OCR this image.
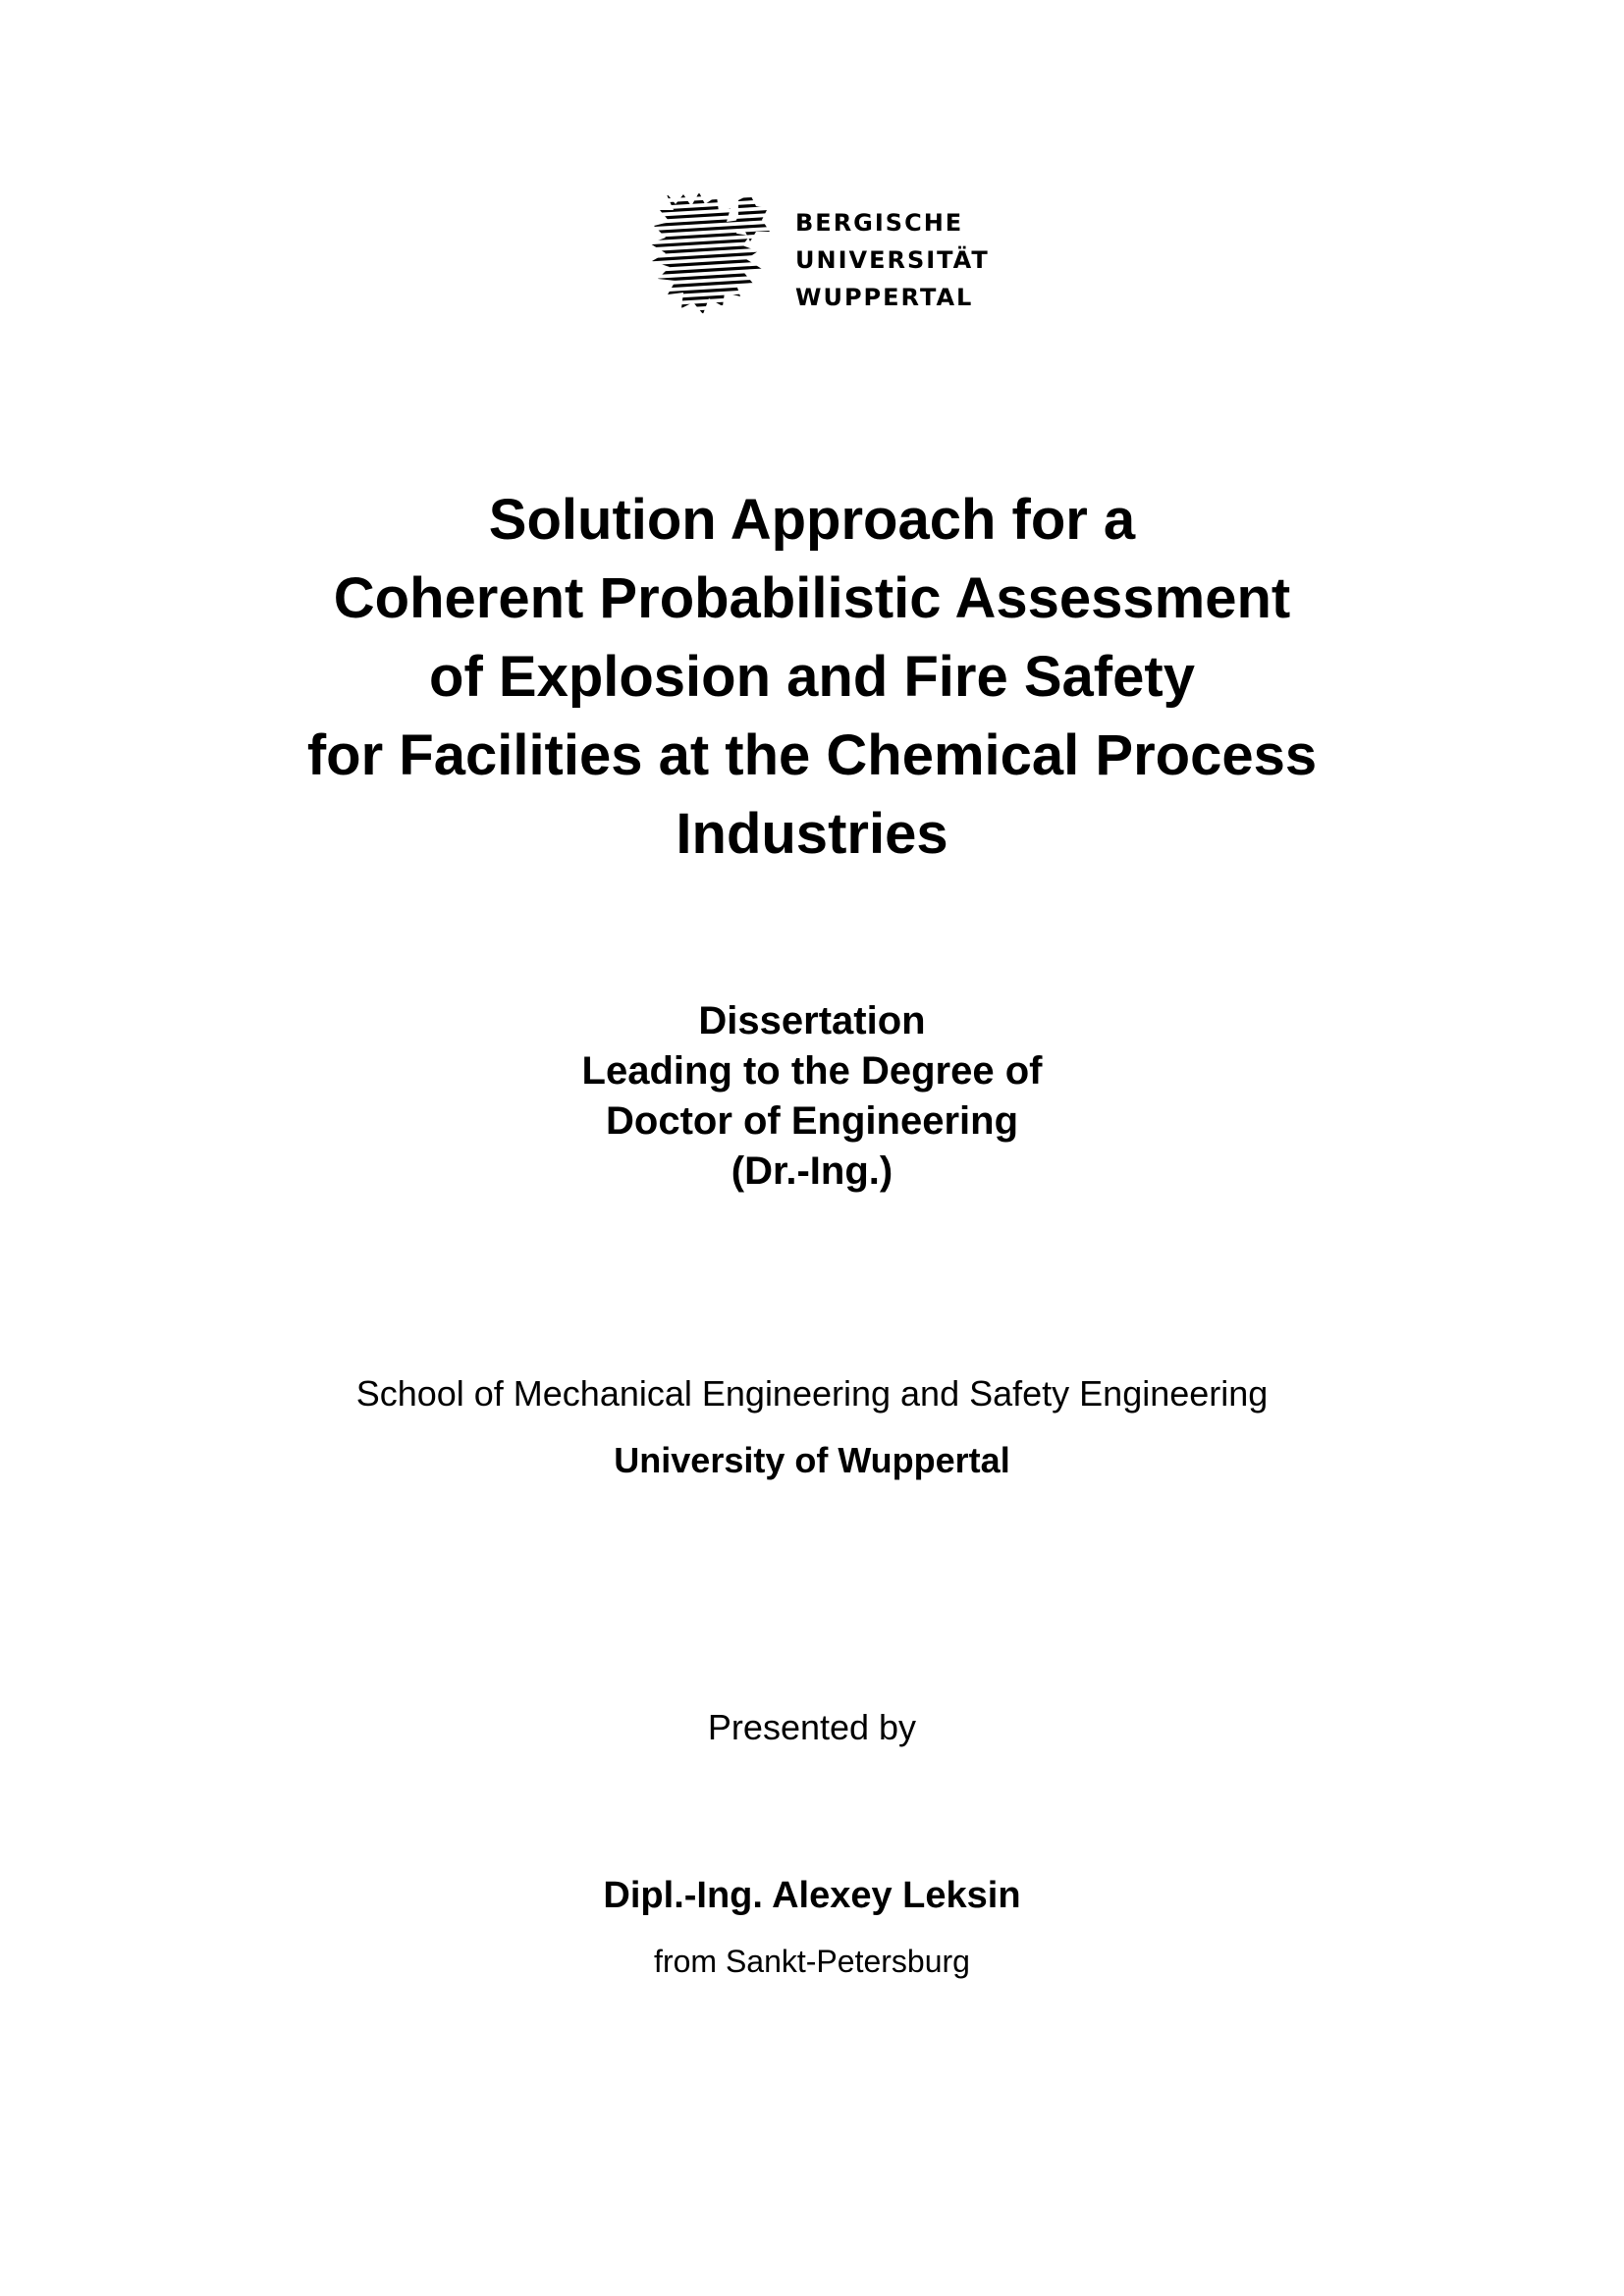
BERGISCHE
UNIVERSITÄT
WUPPERTAL
Solution Approach for a
Coherent Probabilistic Assessment
of Explosion and Fire Safety
for Facilities at the Chemical Process
Industries
Dissertation
Leading to the Degree of
Doctor of Engineering
(Dr.-Ing.)
School of Mechanical Engineering and Safety Engineering
University of Wuppertal
Presented by
Dipl.-Ing. Alexey Leksin
from Sankt-Petersburg
